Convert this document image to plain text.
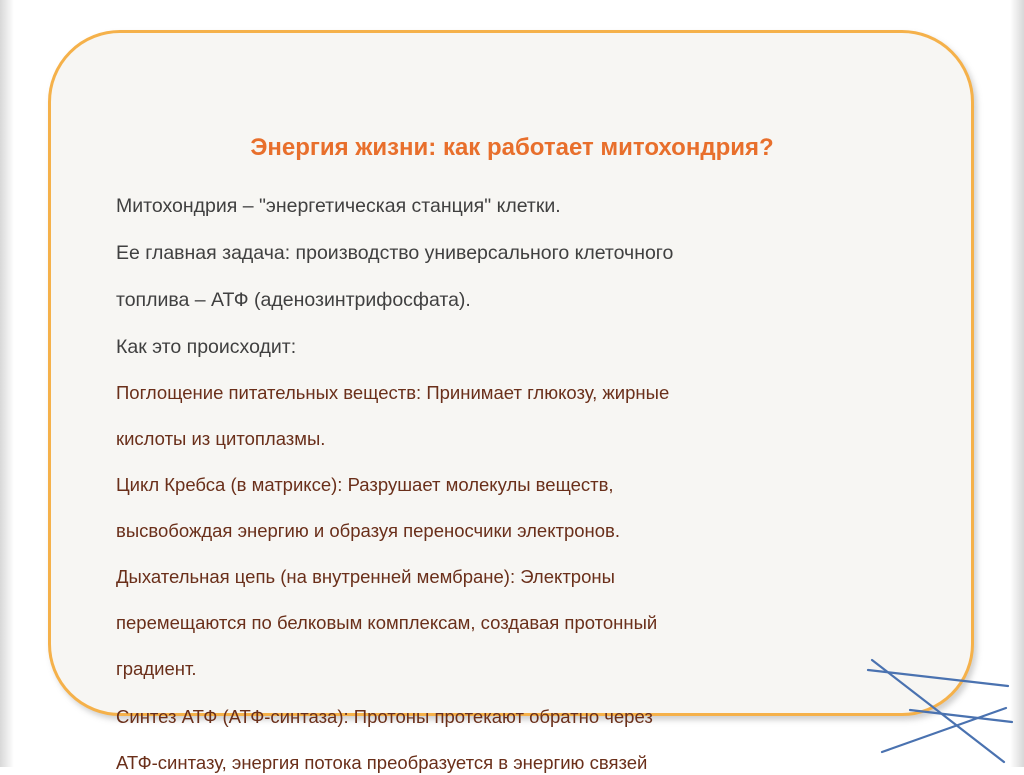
Энергия жизни: как работает митохондрия?

Митохондрия – "энергетическая станция" клетки.

Ее главная задача: производство универсального клеточного

топлива – АТФ (аденозинтрифосфата).

Как это происходит:

Поглощение питательных веществ: Принимает глюкозу, жирные

кислоты из цитоплазмы.

Цикл Кребса (в матриксе): Разрушает молекулы веществ,

высвобождая энергию и образуя переносчики электронов.

Дыхательная цепь (на внутренней мембране): Электроны

перемещаются по белковым комплексам, создавая протонный

градиент.

Синтез АТФ (АТФ-синтаза): Протоны протекают обратно через

АТФ-синтазу, энергия потока преобразуется в энергию связей
